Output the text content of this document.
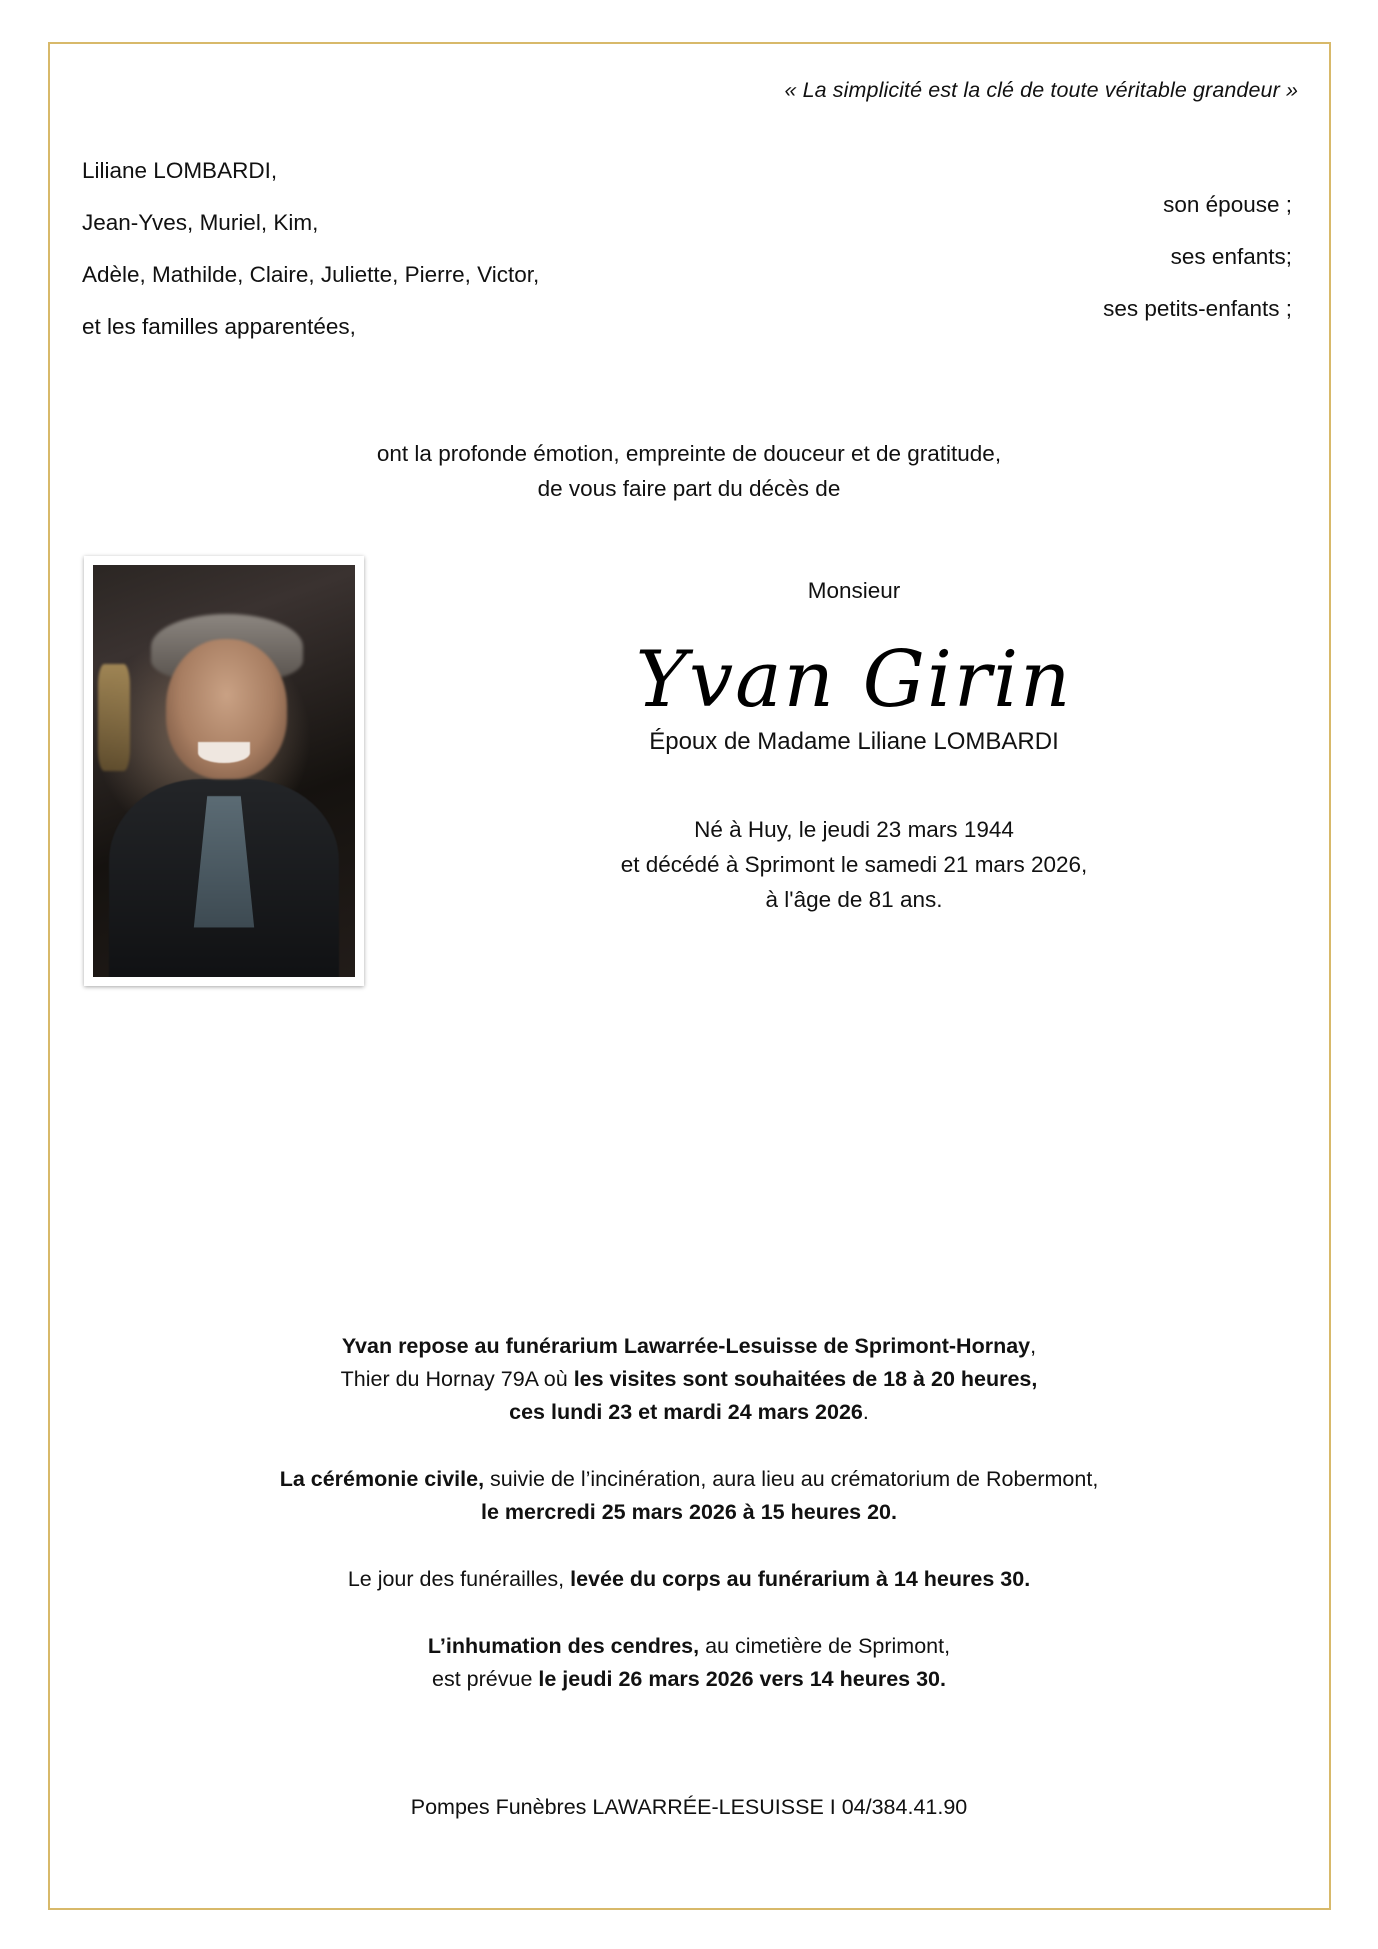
« La simplicité est la clé de toute véritable grandeur »
Liliane LOMBARDI,
son épouse ;
Jean-Yves, Muriel, Kim,
ses enfants;
Adèle, Mathilde, Claire, Juliette, Pierre, Victor,
ses petits-enfants ;
et les familles apparentées,
ont la profonde émotion, empreinte de douceur et de gratitude,
de vous faire part du décès de
Monsieur
Yvan Girin
Époux de Madame Liliane LOMBARDI
Né à Huy, le jeudi 23 mars 1944
et décédé à Sprimont le samedi 21 mars 2026,
à l'âge de 81 ans.

Yvan repose au funérarium Lawarrée-Lesuisse de Sprimont-Hornay,
Thier du Hornay 79A où les visites sont souhaitées de 18 à 20 heures,
ces lundi 23 et mardi 24 mars 2026.

La cérémonie civile, suivie de l’incinération, aura lieu au crématorium de Robermont,
le mercredi 25 mars 2026 à 15 heures 20.

Le jour des funérailles, levée du corps au funérarium à 14 heures 30.

L’inhumation des cendres, au cimetière de Sprimont,
est prévue le jeudi 26 mars 2026 vers 14 heures 30.

Pompes Funèbres LAWARRÉE-LESUISSE I 04/384.41.90
